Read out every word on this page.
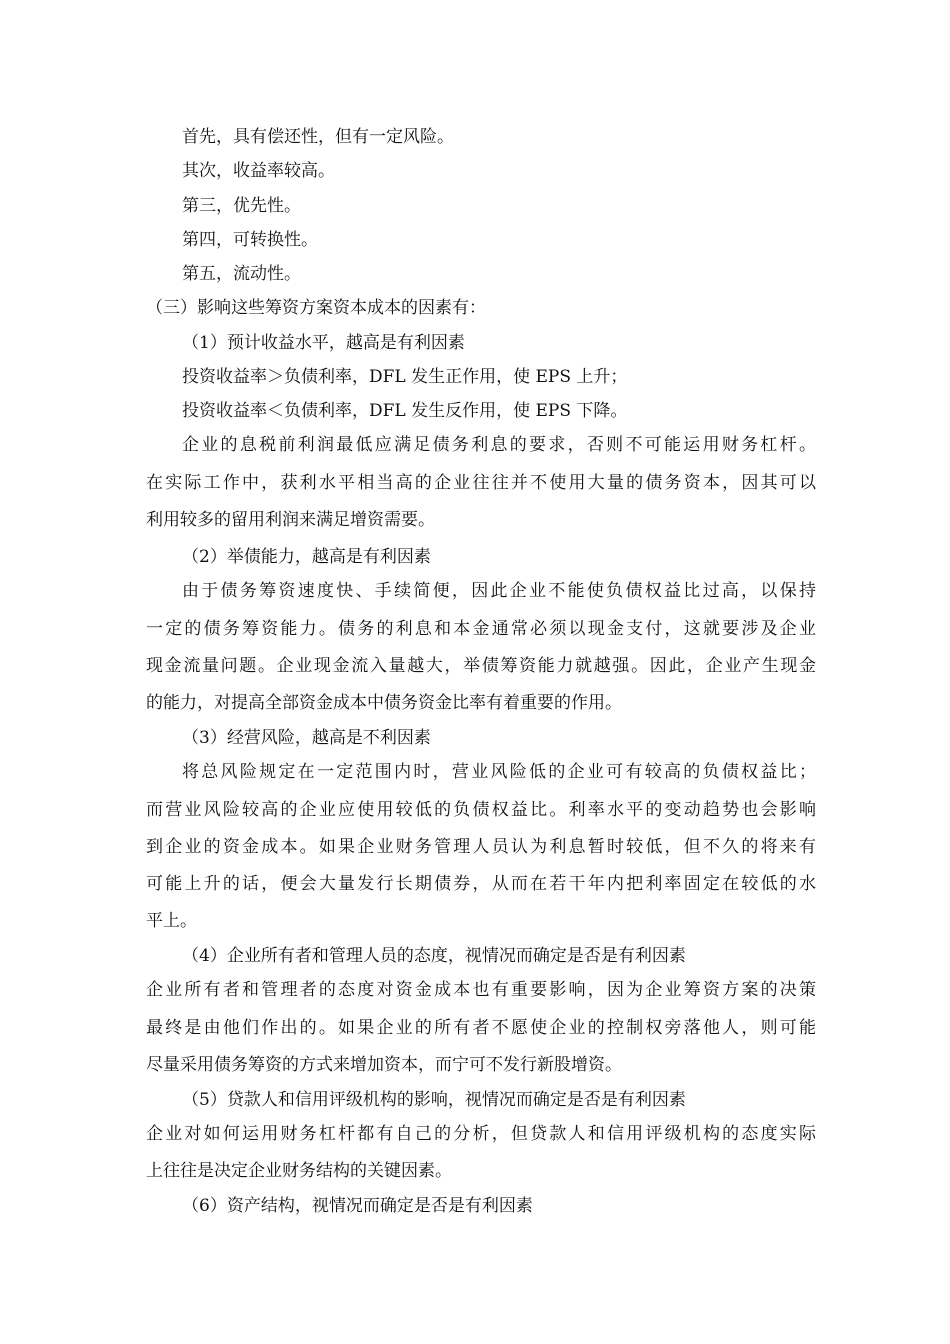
首先，具有偿还性，但有一定风险。
其次，收益率较高。
第三，优先性。
第四，可转换性。
第五，流动性。
（三）影响这些筹资方案资本成本的因素有：
（1）预计收益水平，越高是有利因素
投资收益率＞负债利率，DFL 发生正作用，使 EPS 上升；
投资收益率＜负债利率，DFL 发生反作用，使 EPS 下降。
企业的息税前利润最低应满足债务利息的要求，否则不可能运用财务杠杆。
在实际工作中，获利水平相当高的企业往往并不使用大量的债务资本，因其可以
利用较多的留用利润来满足增资需要。
（2）举债能力，越高是有利因素
由于债务筹资速度快、手续简便，因此企业不能使负债权益比过高，以保持
一定的债务筹资能力。债务的利息和本金通常必须以现金支付，这就要涉及企业
现金流量问题。企业现金流入量越大，举债筹资能力就越强。因此，企业产生现金
的能力，对提高全部资金成本中债务资金比率有着重要的作用。
（3）经营风险，越高是不利因素
将总风险规定在一定范围内时，营业风险低的企业可有较高的负债权益比；
而营业风险较高的企业应使用较低的负债权益比。利率水平的变动趋势也会影响
到企业的资金成本。如果企业财务管理人员认为利息暂时较低，但不久的将来有
可能上升的话，便会大量发行长期债券，从而在若干年内把利率固定在较低的水
平上。
（4）企业所有者和管理人员的态度，视情况而确定是否是有利因素
企业所有者和管理者的态度对资金成本也有重要影响，因为企业筹资方案的决策
最终是由他们作出的。如果企业的所有者不愿使企业的控制权旁落他人，则可能
尽量采用债务筹资的方式来增加资本，而宁可不发行新股增资。
（5）贷款人和信用评级机构的影响，视情况而确定是否是有利因素
企业对如何运用财务杠杆都有自己的分析，但贷款人和信用评级机构的态度实际
上往往是决定企业财务结构的关键因素。
（6）资产结构，视情况而确定是否是有利因素
